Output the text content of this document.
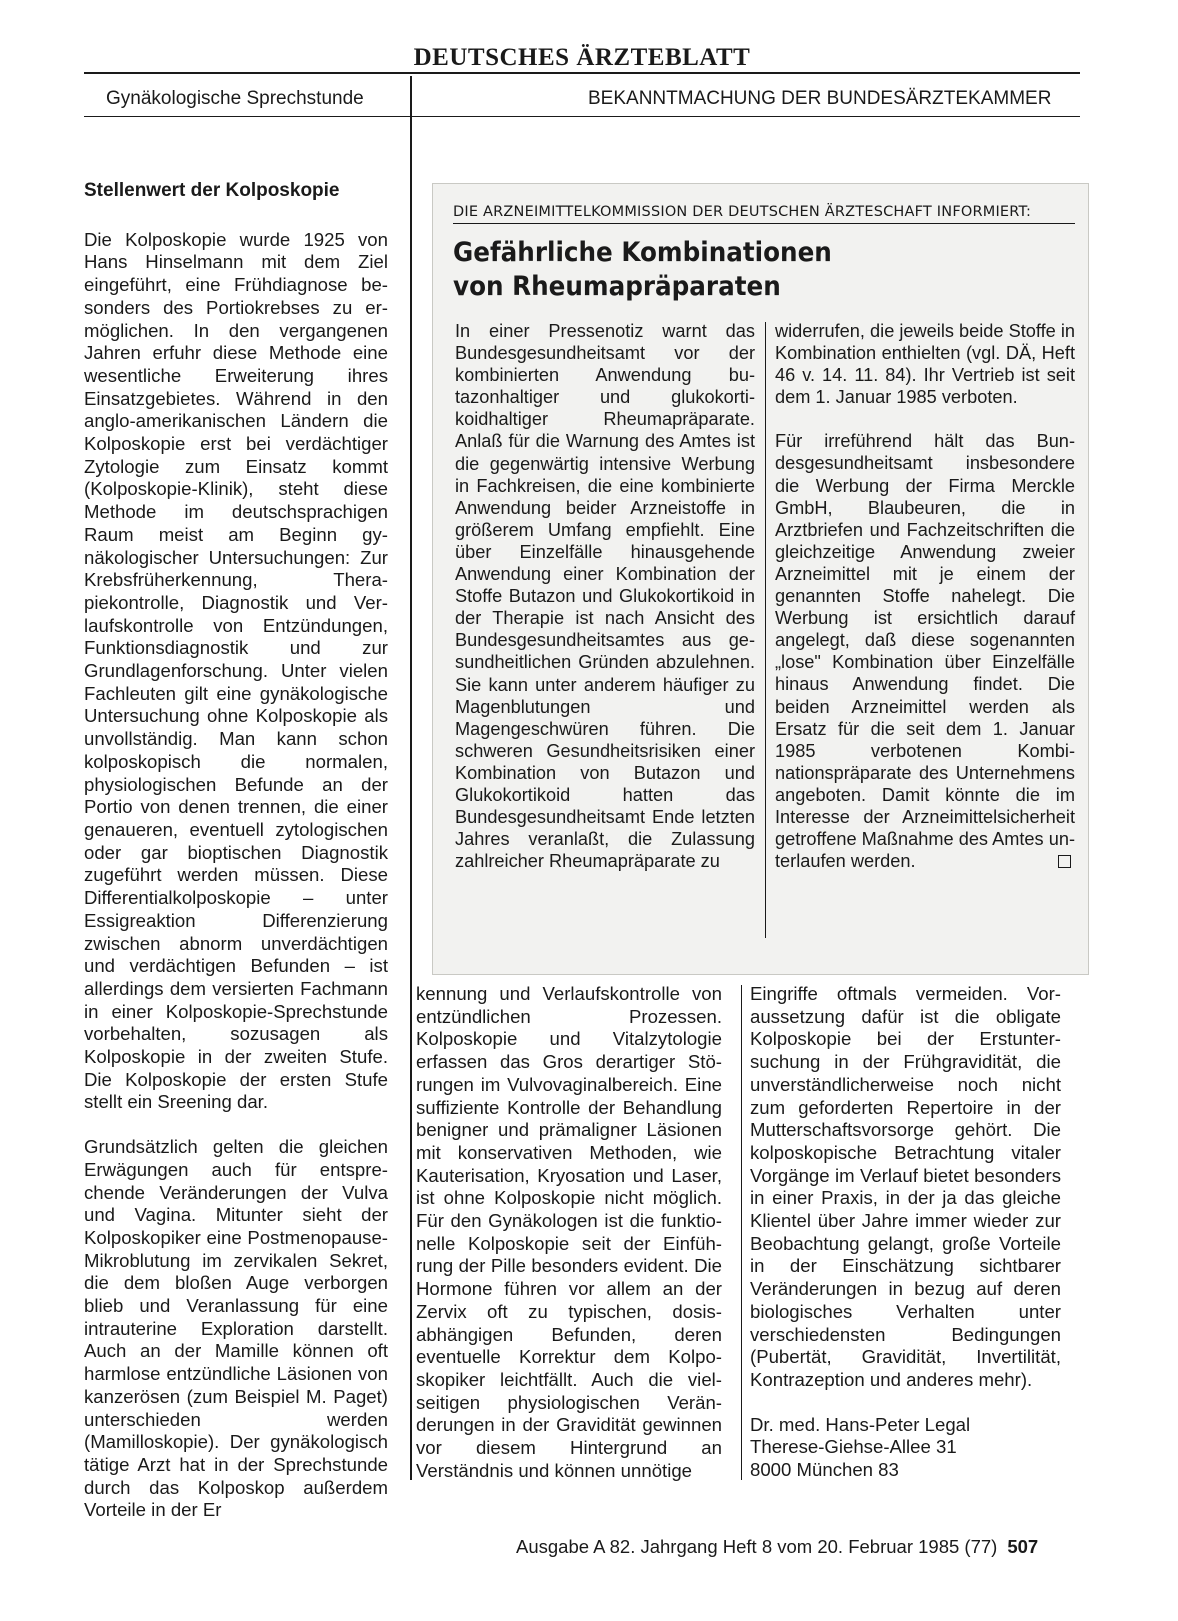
DEUTSCHES ÄRZTEBLATT
Gynäkologische Sprechstunde	BEKANNTMACHUNG DER BUNDESÄRZTEKAMMER
Stellenwert der Kolposkopie

Die Kolposkopie wurde 1925 von Hans Hinselmann mit dem Ziel eingeführt, eine Frühdiagnose besonders des Portiokrebses zu ermöglichen. In den vergangenen Jahren erfuhr diese Methode eine wesentliche Erweiterung ihres Einsatzgebietes. Während in den anglo-amerikanischen Ländern die Kolposkopie erst bei verdächtiger Zytologie zum Einsatz kommt (Kolposkopie-Klinik), steht diese Methode im deutschsprachigen Raum meist am Beginn gynäkologischer Untersuchungen: Zur Krebsfrüherkennung, Therapiekontrolle, Diagnostik und Verlaufskontrolle von Entzündungen, Funktionsdiagnostik und zur Grundlagenforschung. Unter vielen Fachleuten gilt eine gynäkologische Untersuchung ohne Kolposkopie als unvollständig. Man kann schon kolposkopisch die normalen, physiologischen Befunde an der Portio von denen trennen, die einer genaueren, eventuell zytologischen oder gar bioptischen Diagnostik zugeführt werden müssen. Diese Differentialkolposkopie – unter Essigreaktion Differenzierung zwischen abnorm unverdächtigen und verdächtigen Befunden – ist allerdings dem versierten Fachmann in einer Kolposkopie-Sprechstunde vorbehalten, sozusagen als Kolposkopie in der zweiten Stufe. Die Kolposkopie der ersten Stufe stellt ein Sreening dar.

Grundsätzlich gelten die gleichen Erwägungen auch für entsprechende Veränderungen der Vulva und Vagina. Mitunter sieht der Kolposkopiker eine Postmenopause-Mikroblutung im zervikalen Sekret, die dem bloßen Auge verborgen blieb und Veranlassung für eine intrauterine Exploration darstellt. Auch an der Mamille können oft harmlose entzündliche Läsionen von kanzerösen (zum Beispiel M. Paget) unterschieden werden (Mamilloskopie). Der gynäkologisch tätige Arzt hat in der Sprechstunde durch das Kolposkop außerdem Vorteile in der Er

DIE ARZNEIMITTELKOMMISSION DER DEUTSCHEN ÄRZTESCHAFT INFORMIERT:
Gefährliche Kombinationen
von Rheumapräparaten

In einer Pressenotiz warnt das Bundesgesundheitsamt vor der kombinierten Anwendung butazonhaltiger und glukokortikoidhaltiger Rheumapräparate. Anlaß für die Warnung des Amtes ist die gegenwärtig intensive Werbung in Fachkreisen, die eine kombinierte Anwendung beider Arzneistoffe in größerem Umfang empfiehlt. Eine über Einzelfälle hinausgehende Anwendung einer Kombination der Stoffe Butazon und Glukokortikoid in der Therapie ist nach Ansicht des Bundesgesundheitsamtes aus gesundheitlichen Gründen abzulehnen. Sie kann unter anderem häufiger zu Magenblutungen und Magengeschwüren führen. Die schweren Gesundheitsrisiken einer Kombination von Butazon und Glukokortikoid hatten das Bundesgesundheitsamt Ende letzten Jahres veranlaßt, die Zulassung zahlreicher Rheumapräparate zu

widerrufen, die jeweils beide Stoffe in Kombination enthielten (vgl. DÄ, Heft 46 v. 14. 11. 84). Ihr Vertrieb ist seit dem 1. Januar 1985 verboten.

Für irreführend hält das Bundesgesundheitsamt insbesondere die Werbung der Firma Merckle GmbH, Blaubeuren, die in Arztbriefen und Fachzeitschriften die gleichzeitige Anwendung zweier Arzneimittel mit je einem der genannten Stoffe nahelegt. Die Werbung ist ersichtlich darauf angelegt, daß diese sogenannten „lose" Kombination über Einzelfälle hinaus Anwendung findet. Die beiden Arzneimittel werden als Ersatz für die seit dem 1. Januar 1985 verbotenen Kombinationspräparate des Unternehmens angeboten. Damit könnte die im Interesse der Arzneimittelsicherheit getroffene Maßnahme des Amtes unterlaufen werden.

kennung und Verlaufskontrolle von entzündlichen Prozessen. Kolposkopie und Vitalzytologie erfassen das Gros derartiger Störungen im Vulvovaginalbereich. Eine suffiziente Kontrolle der Behandlung benigner und prämaligner Läsionen mit konservativen Methoden, wie Kauterisation, Kryosation und Laser, ist ohne Kolposkopie nicht möglich. Für den Gynäkologen ist die funktionelle Kolposkopie seit der Einführung der Pille besonders evident. Die Hormone führen vor allem an der Zervix oft zu typischen, dosisabhängigen Befunden, deren eventuelle Korrektur dem Kolposkopiker leichtfällt. Auch die vielseitigen physiologischen Veränderungen in der Gravidität gewinnen vor diesem Hintergrund an Verständnis und können unnötige

Eingriffe oftmals vermeiden. Voraussetzung dafür ist die obligate Kolposkopie bei der Erstuntersuchung in der Frühgravidität, die unverständlicherweise noch nicht zum geforderten Repertoire in der Mutterschaftsvorsorge gehört. Die kolposkopische Betrachtung vitaler Vorgänge im Verlauf bietet besonders in einer Praxis, in der ja das gleiche Klientel über Jahre immer wieder zur Beobachtung gelangt, große Vorteile in der Einschätzung sichtbarer Veränderungen in bezug auf deren biologisches Verhalten unter verschiedensten Bedingungen (Pubertät, Gravidität, Invertilität, Kontrazeption und anderes mehr).

Dr. med. Hans-Peter Legal
Therese-Giehse-Allee 31
8000 München 83
Ausgabe A 82. Jahrgang Heft 8 vom 20. Februar 1985 (77) 507
